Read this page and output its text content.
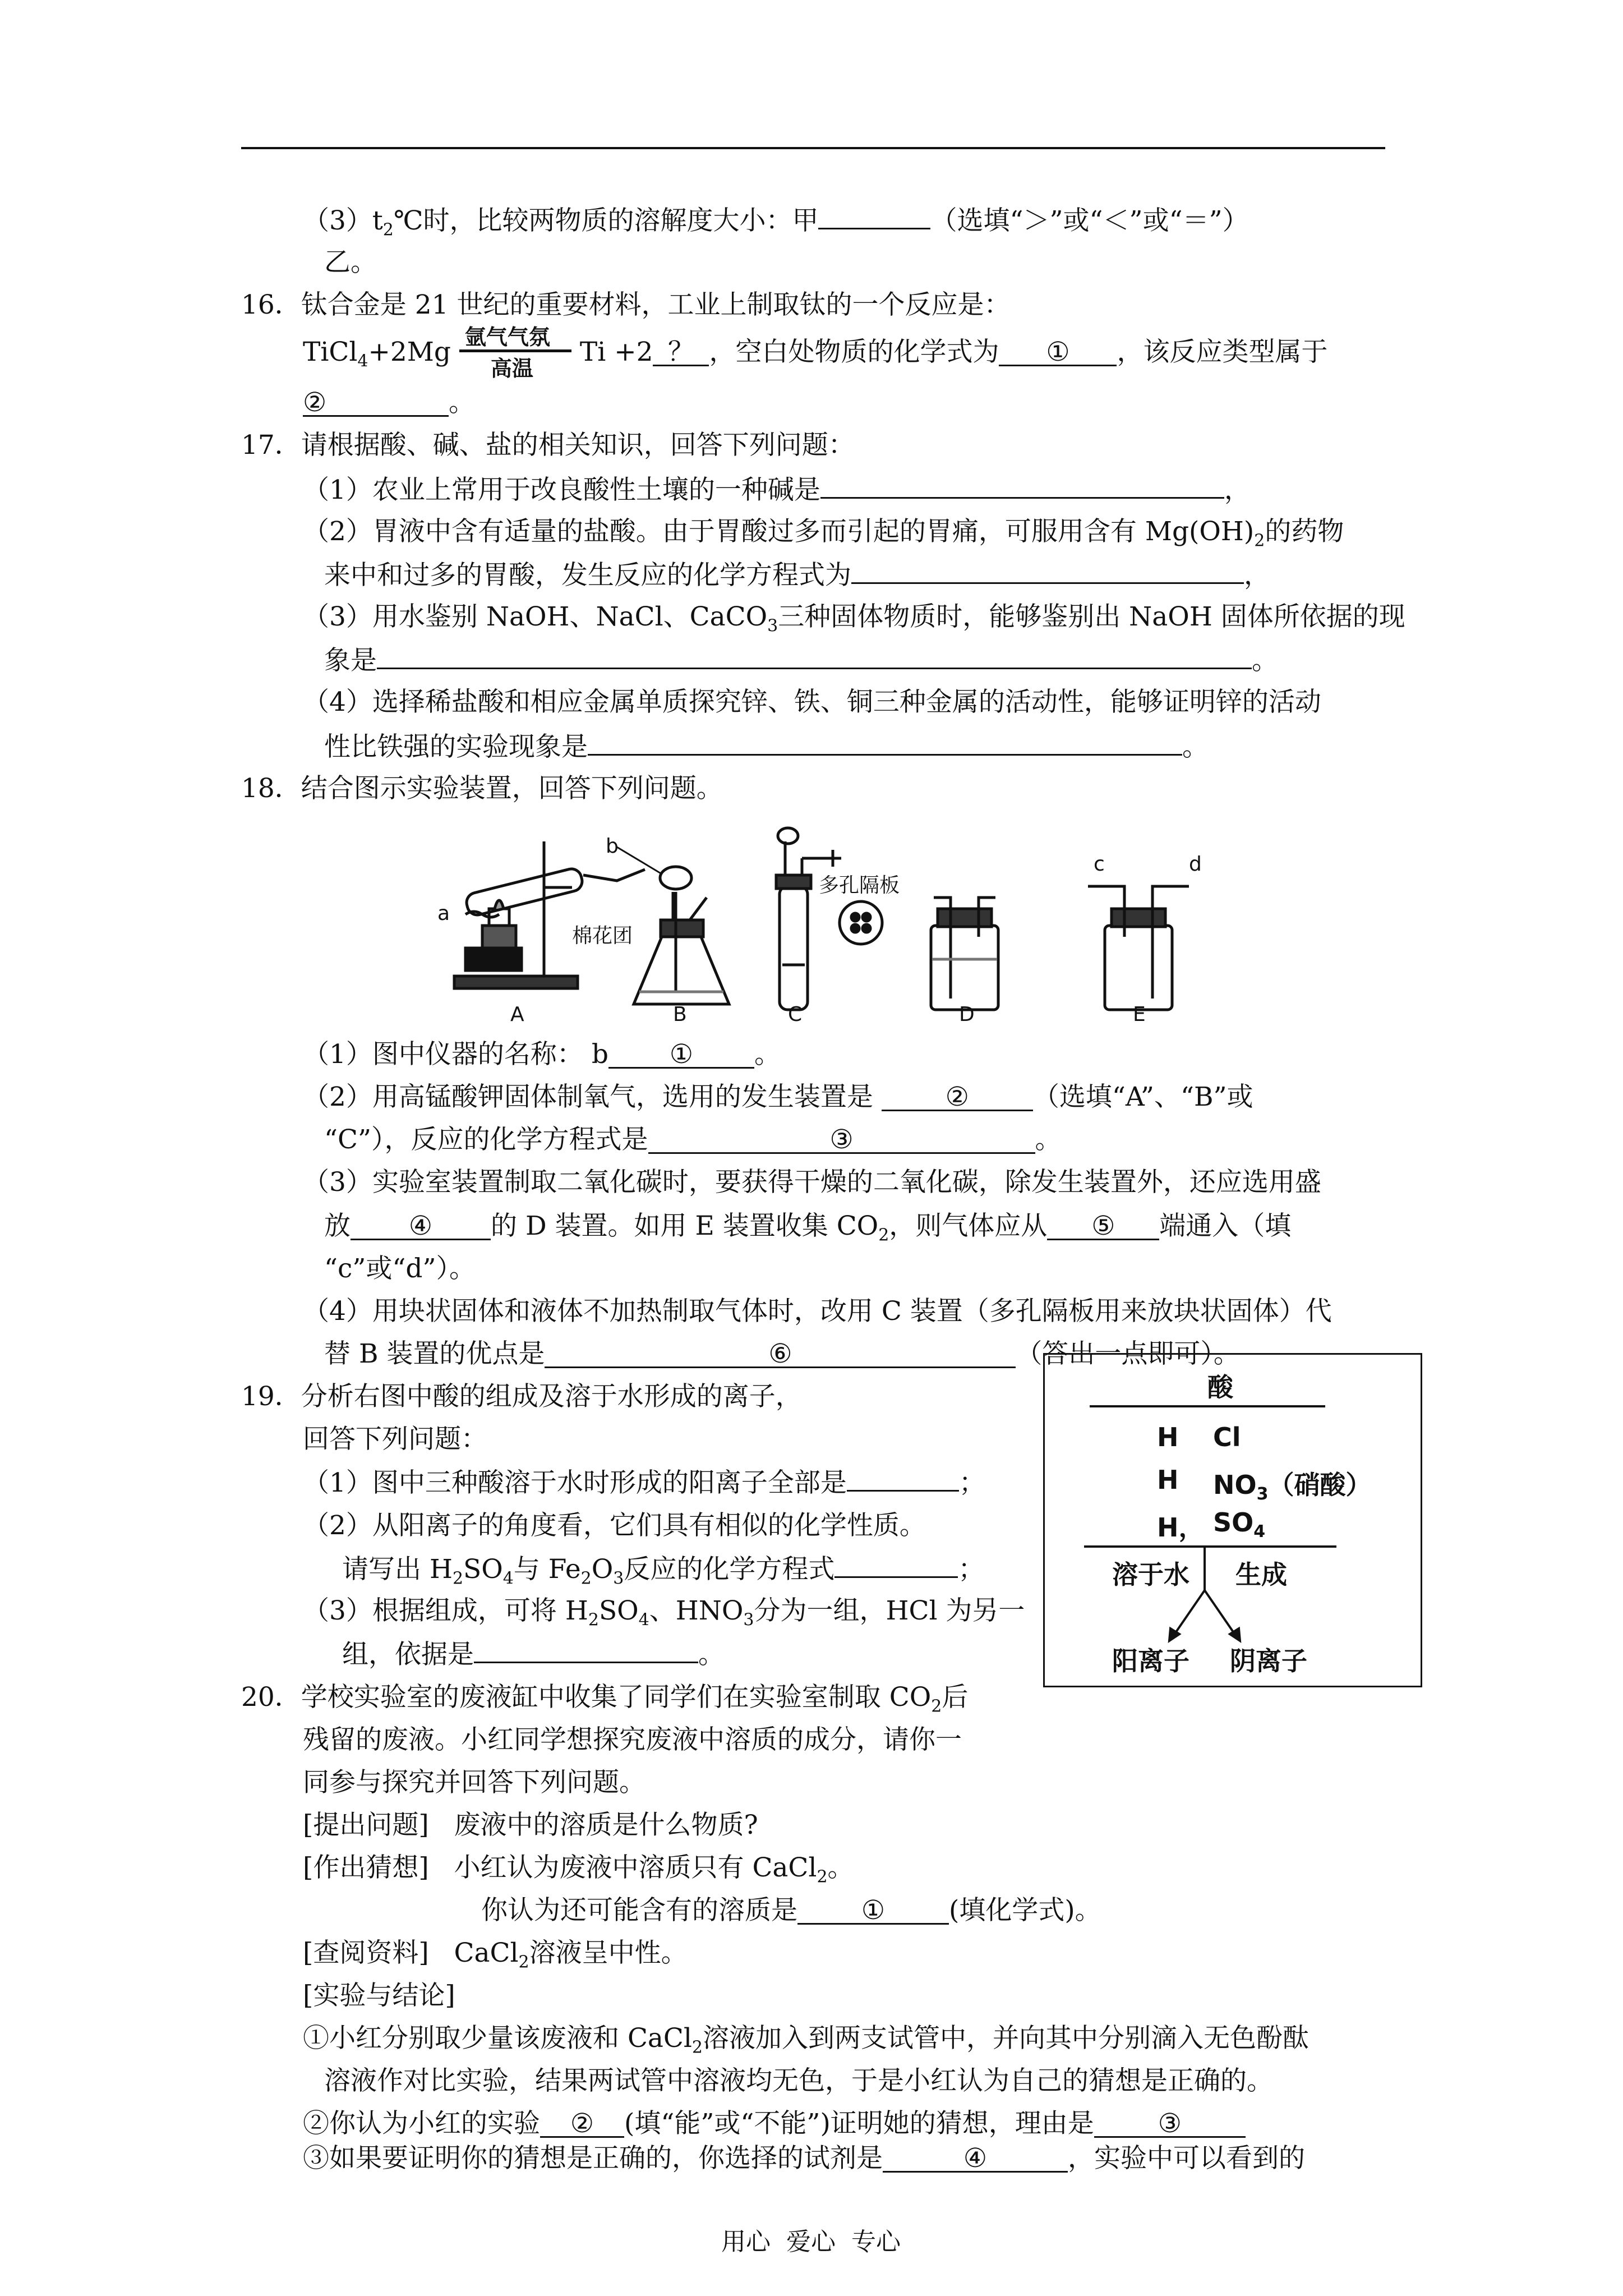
$(3)t_2℃$时，比较两物质的溶解度大小：甲	（选填“＞”或“＜”或“＝”）
乙。
16．钛合金是 21 世纪的重要材料，工业上制取钛的一个反应是：
TiCl$_4$+2Mg 氩气气氛
高温
Ti +2 ？ ，空白处物质的化学式为 ① ，该反应类型属于
②	。
17．请根据酸、碱、盐的相关知识，回答下列问题：
（1）农业上常用于改良酸性土壤的一种碱是	，
（2）胃液中含有适量的盐酸。由于胃酸过多而引起的胃痛，可服用含有 $Mg(OH)_2$的药物
来中和过多的胃酸，发生反应的化学方程式为	，
（3）用水鉴别 NaOH、NaCl、CaCO$_3$三种固体物质时，能够鉴别出 NaOH 固体所依据的现
象是	。
（4）选择稀盐酸和相应金属单质探究锌、铁、铜三种金属的活动性，能够证明锌的活动
性比铁强的实验现象是	。
18．结合图示实验装置，回答下列问题。
a
b
c	d
棉花团
多孔隔板
A	B	C	D	E
（1）图中仪器的名称： b ① 。
（2）用高锰酸钾固体制氧气，选用的发生装置是	② （选填“A”、“B”或
“C”），反应的化学方程式是	③	。
（3）实验室装置制取二氧化碳时，要获得干燥的二氧化碳，除发生装置外，还应选用盛
放 ④ 的 D 装置。如用 E 装置收集 $CO_2$，则气体应从 ⑤ 端通入（填
“c”或“d”）。
（4）用块状固体和液体不加热制取气体时，改用 C 装置（多孔隔板用来放块状固体）代
替 B 装置的优点是	⑥	（答出一点即可）。
19．分析右图中酸的组成及溶于水形成的离子，
回答下列问题：
（1）图中三种酸溶于水时形成的阳离子全部是	；
（2）从阳离子的角度看，它们具有相似的化学性质。
请写出 $H_2SO_4$与 $Fe_2O_3$反应的化学方程式	；
（3）根据组成，可将 $H_2SO_4$、$HNO_3$分为一组，HCl 为另一
组，依据是	。
酸
H Cl
H $NO_3$（硝酸）
H， $SO_4$
溶于水 生成
阳离子 阴离子
20．学校实验室的废液缸中收集了同学们在实验室制取 $CO_2$后
残留的废液。小红同学想探究废液中溶质的成分，请你一
同参与探究并回答下列问题。
[提出问题] 废液中的溶质是什么物质?
[作出猜想] 小红认为废液中溶质只有 CaCl$_2$。
你认为还可能含有的溶质是 ① (填化学式)。
[查阅资料] CaCl$_2$溶液呈中性。
[实验与结论]
①小红分别取少量该废液和 CaCl$_2$溶液加入到两支试管中，并向其中分别滴入无色酚酞
溶液作对比实验，结果两试管中溶液均无色，于是小红认为自己的猜想是正确的。
②你认为小红的实验 ② (填“能”或“不能”)证明她的猜想，理由是 ③
③如果要证明你的猜想是正确的，你选择的试剂是	④	，实验中可以看到的
用心  爱心  专心
